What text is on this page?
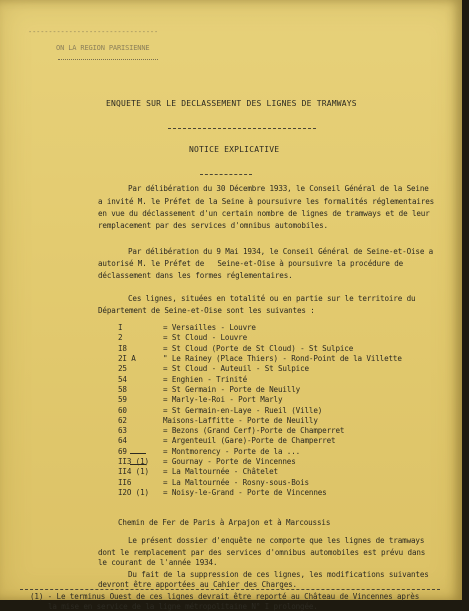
--------------------------------
ON LA REGION PARISIENNE
ENQUETE SUR LE DECLASSEMENT DES LIGNES DE TRAMWAYS
NOTICE EXPLICATIVE
Par délibération du 30 Décembre 1933, le Conseil Général de la Seine
a invité M. le Préfet de la Seine à poursuivre les formalités réglementaires
en vue du déclassement d'un certain nombre de lignes de tramways et de leur
remplacement par des services d'omnibus automobiles.
Par délibération du 9 Mai 1934, le Conseil Général de Seine-et-Oise a
autorisé M. le Préfet de   Seine-et-Oise à poursuivre la procédure de
déclassement dans les formes réglementaires.
Ces lignes, situées en totalité ou en partie sur le territoire du
Département de Seine-et-Oise sont les suivantes :
I	= Versailles - Louvre
2	= St Cloud - Louvre
I8	= St Cloud (Porte de St Cloud) - St Sulpice
2I A	" Le Rainey (Place Thiers) - Rond-Point de la Villette
25	= St Cloud - Auteuil - St Sulpice
54	= Enghien - Trinité
58	= St Germain - Porte de Neuilly
59	= Marly-le-Roi - Port Marly
60	= St Germain-en-Laye - Rueil (Ville)
62	Maisons-Laffitte - Porte de Neuilly
63	= Bezons (Grand Cerf)-Porte de Champerret
64	= Argenteuil (Gare)-Porte de Champerret
69	= Montmorency - Porte de la ...
II3 (1)	= Gournay - Porte de Vincennes
II4 (1)	= La Maltournée - Châtelet
II6	= La Maltournée - Rosny-sous-Bois
I2O (1)	= Noisy-le-Grand - Porte de Vincennes
Chemin de Fer de Paris à Arpajon et à Marcoussis
Le présent dossier d'enquête ne comporte que les lignes de tramways
dont le remplacement par des services d'omnibus automobiles est prévu dans
le courant de l'année 1934.
Du fait de la suppression de ces lignes, les modifications suivantes
devront être apportées au Cahier des Charges.
(1) - Le terminus Ouest de ces lignes devrait être reporté au Château de Vincennes après
la mise en service de la ligne métropolitaine N° I prolongée.
